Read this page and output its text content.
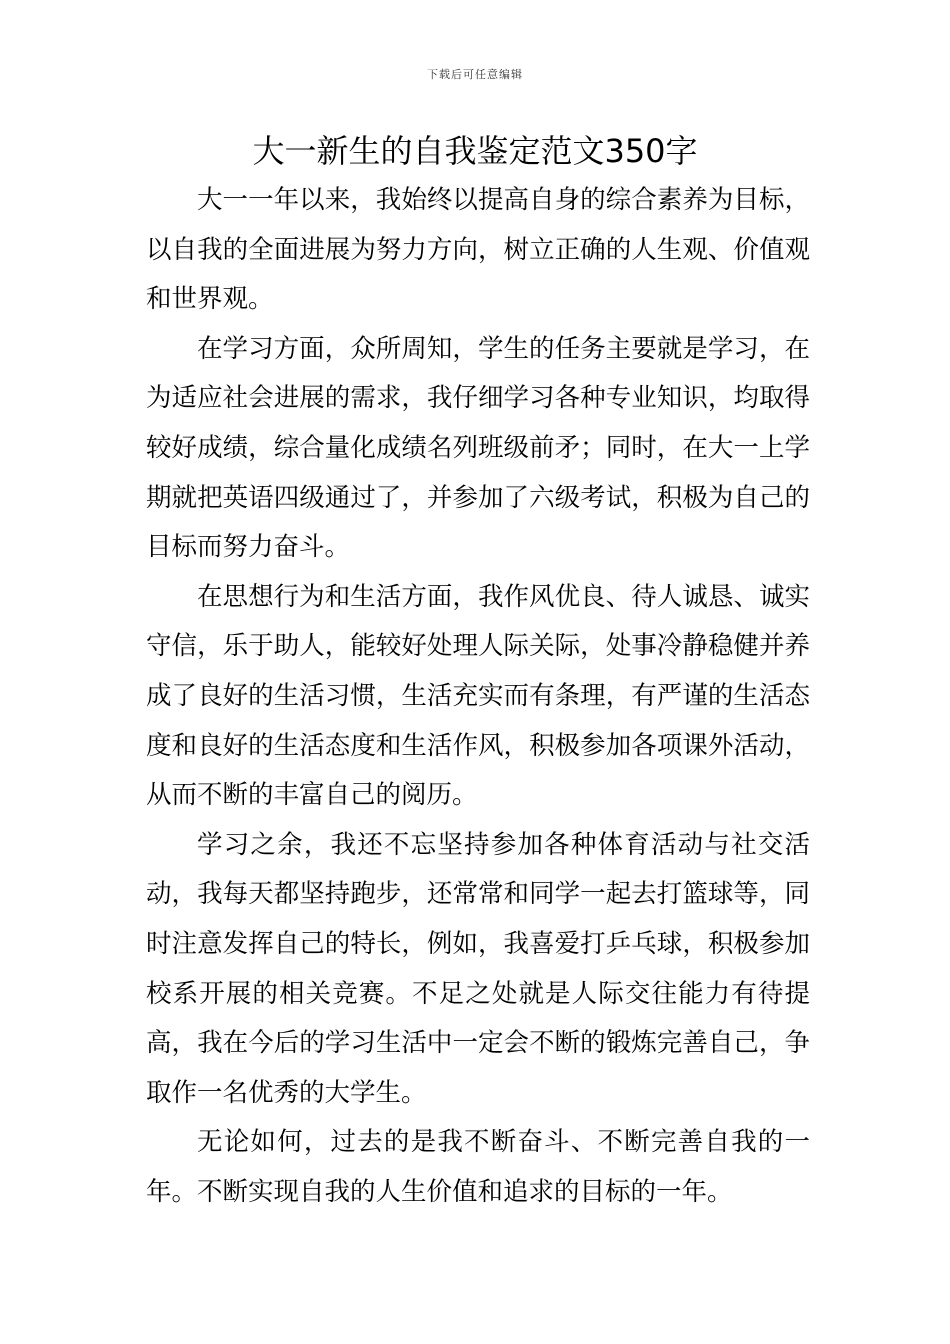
下载后可任意编辑
大一新生的自我鉴定范文350字

大一一年以来，我始终以提高自身的综合素养为目标，以自我的全面进展为努力方向，树立正确的人生观、价值观和世界观。

在学习方面，众所周知，学生的任务主要就是学习，在为适应社会进展的需求，我仔细学习各种专业知识，均取得较好成绩，综合量化成绩名列班级前矛；同时，在大一上学期就把英语四级通过了，并参加了六级考试，积极为自己的目标而努力奋斗。

在思想行为和生活方面，我作风优良、待人诚恳、诚实守信，乐于助人，能较好处理人际关际，处事冷静稳健并养成了良好的生活习惯，生活充实而有条理，有严谨的生活态度和良好的生活态度和生活作风，积极参加各项课外活动，从而不断的丰富自己的阅历。

学习之余，我还不忘坚持参加各种体育活动与社交活动，我每天都坚持跑步，还常常和同学一起去打篮球等，同时注意发挥自己的特长，例如，我喜爱打乒乓球，积极参加校系开展的相关竞赛。不足之处就是人际交往能力有待提高，我在今后的学习生活中一定会不断的锻炼完善自己，争取作一名优秀的大学生。

无论如何，过去的是我不断奋斗、不断完善自我的一年。不断实现自我的人生价值和追求的目标的一年。
